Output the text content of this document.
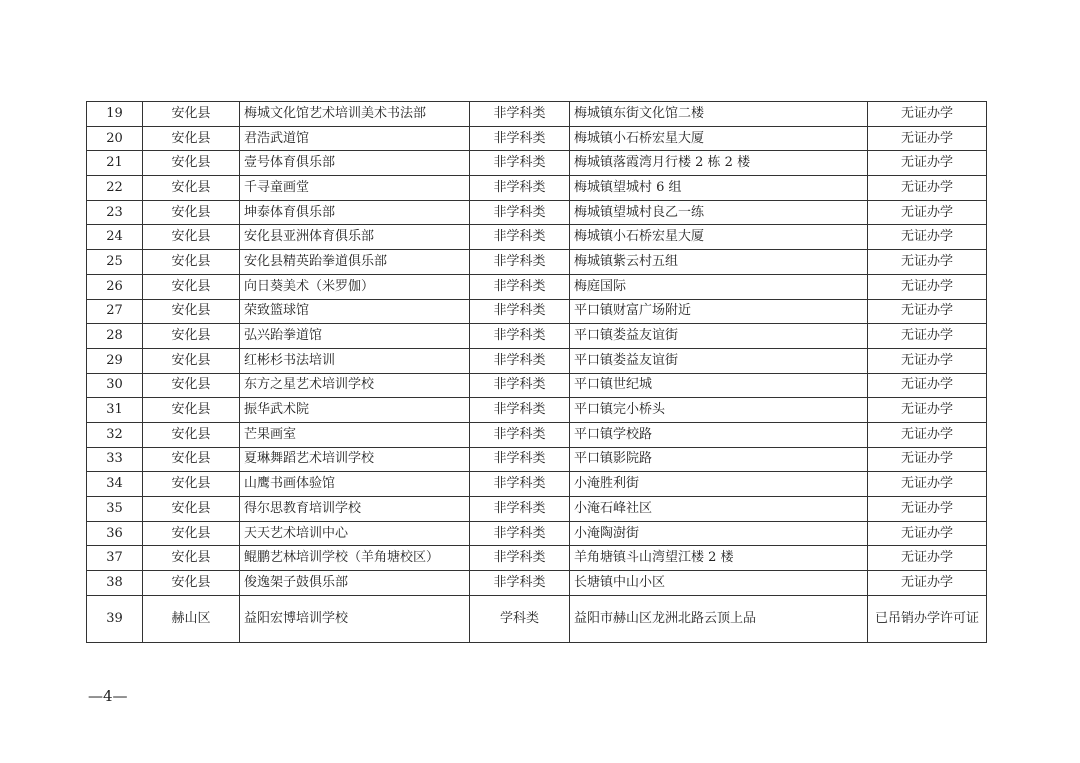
19	安化县	梅城文化馆艺术培训美术书法部	非学科类	梅城镇东街文化馆二楼	无证办学
20	安化县	君浩武道馆	非学科类	梅城镇小石桥宏星大厦	无证办学
21	安化县	壹号体育俱乐部	非学科类	梅城镇落霞湾月行楼 2 栋 2 楼	无证办学
22	安化县	千寻童画堂	非学科类	梅城镇望城村 6 组	无证办学
23	安化县	坤泰体育俱乐部	非学科类	梅城镇望城村良乙一练	无证办学
24	安化县	安化县亚洲体育俱乐部	非学科类	梅城镇小石桥宏星大厦	无证办学
25	安化县	安化县精英跆拳道俱乐部	非学科类	梅城镇紫云村五组	无证办学
26	安化县	向日葵美术（米罗伽）	非学科类	梅庭国际	无证办学
27	安化县	荣致篮球馆	非学科类	平口镇财富广场附近	无证办学
28	安化县	弘兴跆拳道馆	非学科类	平口镇娄益友谊街	无证办学
29	安化县	红彬杉书法培训	非学科类	平口镇娄益友谊街	无证办学
30	安化县	东方之星艺术培训学校	非学科类	平口镇世纪城	无证办学
31	安化县	振华武术院	非学科类	平口镇完小桥头	无证办学
32	安化县	芒果画室	非学科类	平口镇学校路	无证办学
33	安化县	夏琳舞蹈艺术培训学校	非学科类	平口镇影院路	无证办学
34	安化县	山鹰书画体验馆	非学科类	小淹胜利街	无证办学
35	安化县	得尔思教育培训学校	非学科类	小淹石峰社区	无证办学
36	安化县	天天艺术培训中心	非学科类	小淹陶澍街	无证办学
37	安化县	鲲鹏艺林培训学校（羊角塘校区）	非学科类	羊角塘镇斗山湾望江楼 2 楼	无证办学
38	安化县	俊逸架子鼓俱乐部	非学科类	长塘镇中山小区	无证办学
39	赫山区	益阳宏博培训学校	学科类	益阳市赫山区龙洲北路云顶上品	已吊销办学许可证
—4—
